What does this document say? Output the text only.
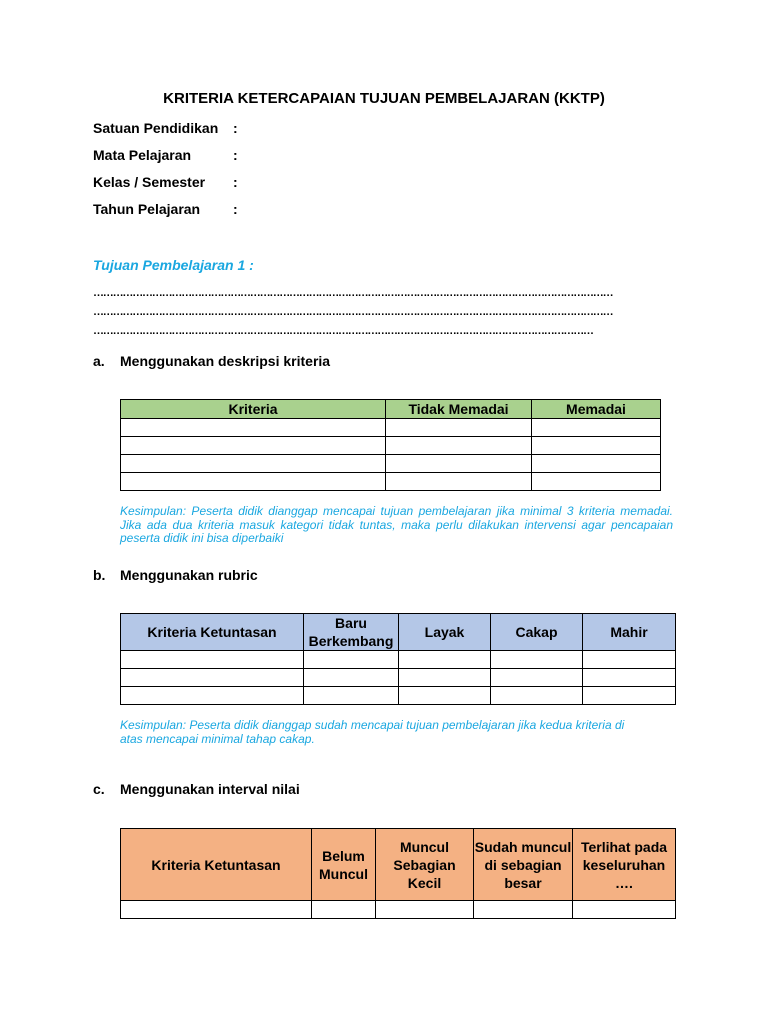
KRITERIA KETERCAPAIAN TUJUAN PEMBELAJARAN (KKTP)
Satuan Pendidikan :
Mata Pelajaran	:
Kelas / Semester :
Tahun Pelajaran :
Tujuan Pembelajaran 1 :
……………………………………………………………………………………………………………………………………………
……………………………………………………………………………………………………………………………………………
………………………………………………………………………………………………………………………………………
a. Menggunakan deskripsi kriteria
Kriteria	Tidak Memadai	Memadai

Kesimpulan: Peserta didik dianggap mencapai tujuan pembelajaran jika minimal 3 kriteria memadai. Jika ada dua kriteria masuk kategori tidak tuntas, maka perlu dilakukan intervensi agar pencapaian peserta didik ini bisa diperbaiki
b. Menggunakan rubric
Kriteria Ketuntasan	Baru Berkembang	Layak	Cakap	Mahir

Kesimpulan: Peserta didik dianggap sudah mencapai tujuan pembelajaran jika kedua kriteria di
atas mencapai minimal tahap cakap.
c. Menggunakan interval nilai
Kriteria Ketuntasan	Belum Muncul	Muncul Sebagian Kecil	Sudah muncul di sebagian besar	Terlihat pada keseluruhan ….
